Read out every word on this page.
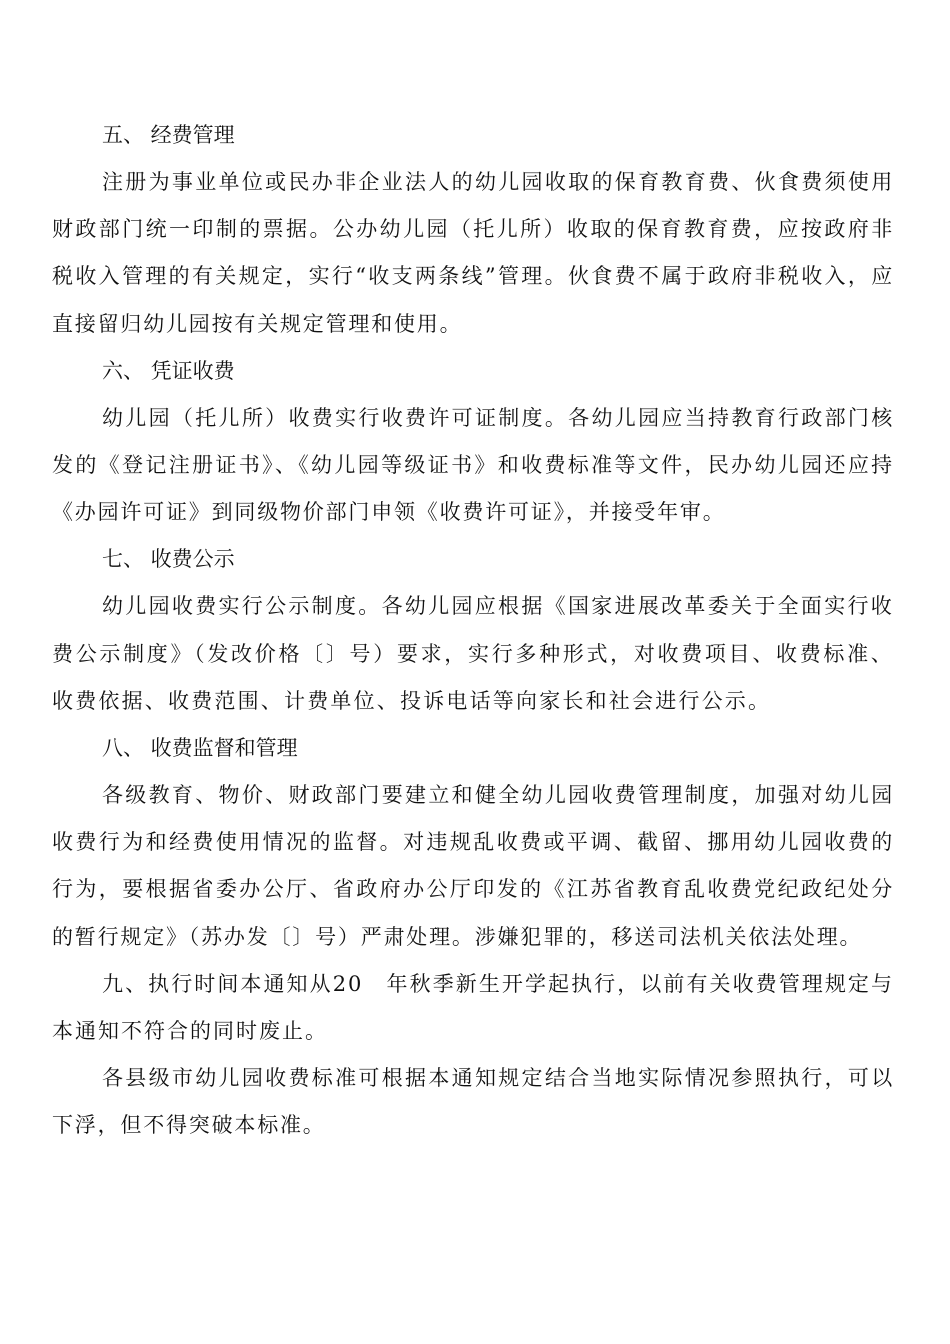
五、 经费管理

注册为事业单位或民办非企业法人的幼儿园收取的保育教育费、伙食费须使用财政部门统一印制的票据。公办幼儿园（托儿所）收取的保育教育费，应按政府非税收入管理的有关规定，实行“收支两条线”管理。伙食费不属于政府非税收入，应直接留归幼儿园按有关规定管理和使用。

六、 凭证收费

幼儿园（托儿所）收费实行收费许可证制度。各幼儿园应当持教育行政部门核发的《登记注册证书》、《幼儿园等级证书》和收费标准等文件，民办幼儿园还应持《办园许可证》到同级物价部门申领《收费许可证》，并接受年审。

七、 收费公示

幼儿园收费实行公示制度。各幼儿园应根据《国家进展改革委关于全面实行收费公示制度》（发改价格〔〕号）要求，实行多种形式，对收费项目、收费标准、收费依据、收费范围、计费单位、投诉电话等向家长和社会进行公示。

八、 收费监督和管理

各级教育、物价、财政部门要建立和健全幼儿园收费管理制度，加强对幼儿园收费行为和经费使用情况的监督。对违规乱收费或平调、截留、挪用幼儿园收费的行为，要根据省委办公厅、省政府办公厅印发的《江苏省教育乱收费党纪政纪处分的暂行规定》（苏办发〔〕号）严肃处理。涉嫌犯罪的，移送司法机关依法处理。

九、执行时间本通知从20　年秋季新生开学起执行，以前有关收费管理规定与本通知不符合的同时废止。

各县级市幼儿园收费标准可根据本通知规定结合当地实际情况参照执行，可以下浮，但不得突破本标准。
